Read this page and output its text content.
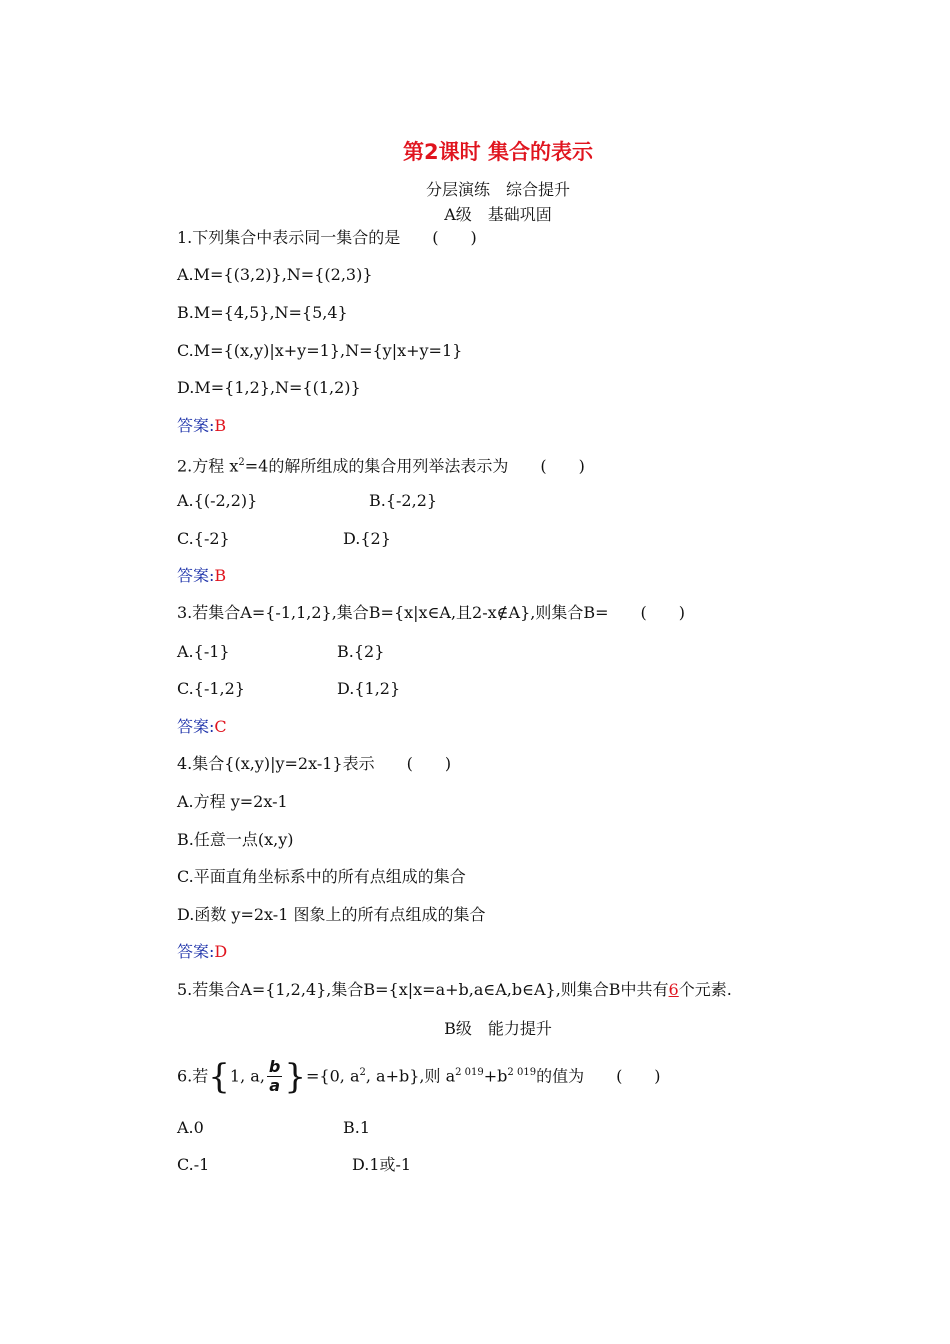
第2课时 集合的表示
分层演练　综合提升
A级　基础巩固
1.下列集合中表示同一集合的是　　(　　)
A.M={(3,2)},N={(2,3)}
B.M={4,5},N={5,4}
C.M={(x,y)|x+y=1},N={y|x+y=1}
D.M={1,2},N={(1,2)}
答案:B
2.方程 $x^2=4$的解所组成的集合用列举法表示为　　(　　)
A.{(-2,2)}	B.{-2,2}
C.{-2}	D.{2}
答案:B
3.若集合A={-1,1,2},集合B={x|x∈A,且2-x∉A},则集合B=　　(　　)
A.{-1}	B.{2}
C.{-1,2}	D.{1,2}
答案:C
4.集合{(x,y)|y=2x-1}表示　　(　　)
A.方程 y=2x-1
B.任意一点(x,y)
C.平面直角坐标系中的所有点组成的集合
D.函数 y=2x-1 图象上的所有点组成的集合
答案:D
5.若集合A={1,2,4},集合B={x|x=a+b,a∈A,b∈A},则集合B中共有6个元素.
B级　能力提升
6.若{1, a, $\frac{b}{a} \}=\{0$, $a^2$, a+b},则 $a^{2 019}+b^{2 019}$的值为　　(　　)
A.0	B.1
C.-1	D.1或-1
